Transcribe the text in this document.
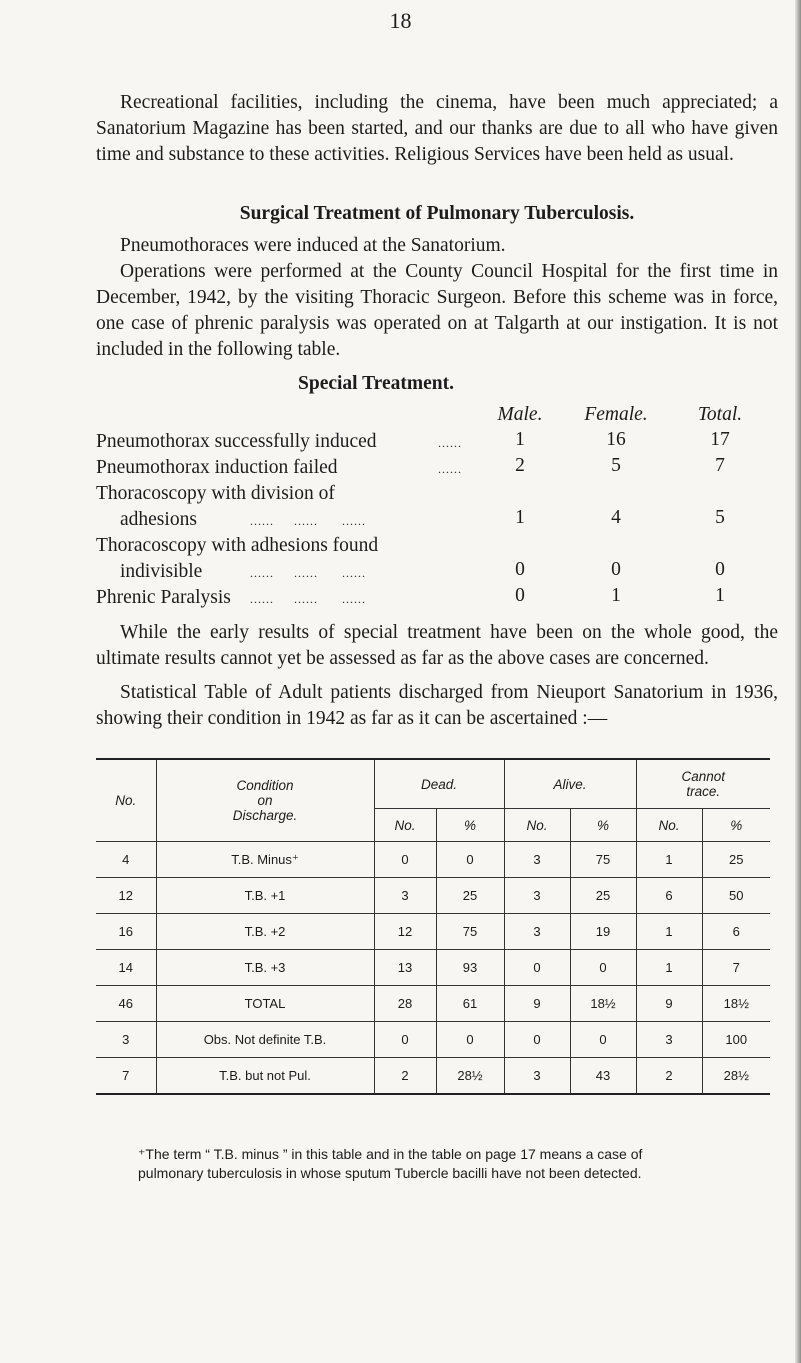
18

Recreational facilities, including the cinema, have been much appreciated; a Sanatorium Magazine has been started, and our thanks are due to all who have given time and substance to these activities. Religious Services have been held as usual.

Surgical Treatment of Pulmonary Tuberculosis.

Pneumothoraces were induced at the Sanatorium.

Operations were performed at the County Council Hospital for the first time in December, 1942, by the visiting Thoracic Surgeon. Before this scheme was in force, one case of phrenic paralysis was operated on at Talgarth at our instigation. It is not included in the following table.

Special Treatment.
Male.	Female.	Total.
Pneumothorax successfully induced	......	1	16	17
Pneumothorax induction failed	......	2	5	7
Thoracoscopy with division of
adhesions	......     ......      ......	1	4	5
Thoracoscopy with adhesions found
indivisible	......     ......      ......	0	0	0
Phrenic Paralysis ......     ......      ......	0	1	1

While the early results of special treatment have been on the whole good, the ultimate results cannot yet be assessed as far as the above cases are concerned.

Statistical Table of Adult patients discharged from Nieuport Sanatorium in 1936, showing their condition in 1942 as far as it can be ascertained :—

No.	Condition
on
Discharge.	Dead.		Alive.		Cannot
trace.	
		No.	%	No.	%	No.	%
4	T.B. Minus⁺	0	0	3	75	1	25
12	T.B. +1	3	25	3	25	6	50
16	T.B. +2	12	75	3	19	1	6
14	T.B. +3	13	93	0	0	1	7
46	TOTAL	28	61	9	18½	9	18½
3	Obs. Not definite T.B.	0	0	0	0	3	100
7	T.B. but not Pul.	2	28½	3	43	2	28½
⁺The term “ T.B. minus ” in this table and in the table on page 17 means a case of pulmonary tuberculosis in whose sputum Tubercle bacilli have not been detected.
